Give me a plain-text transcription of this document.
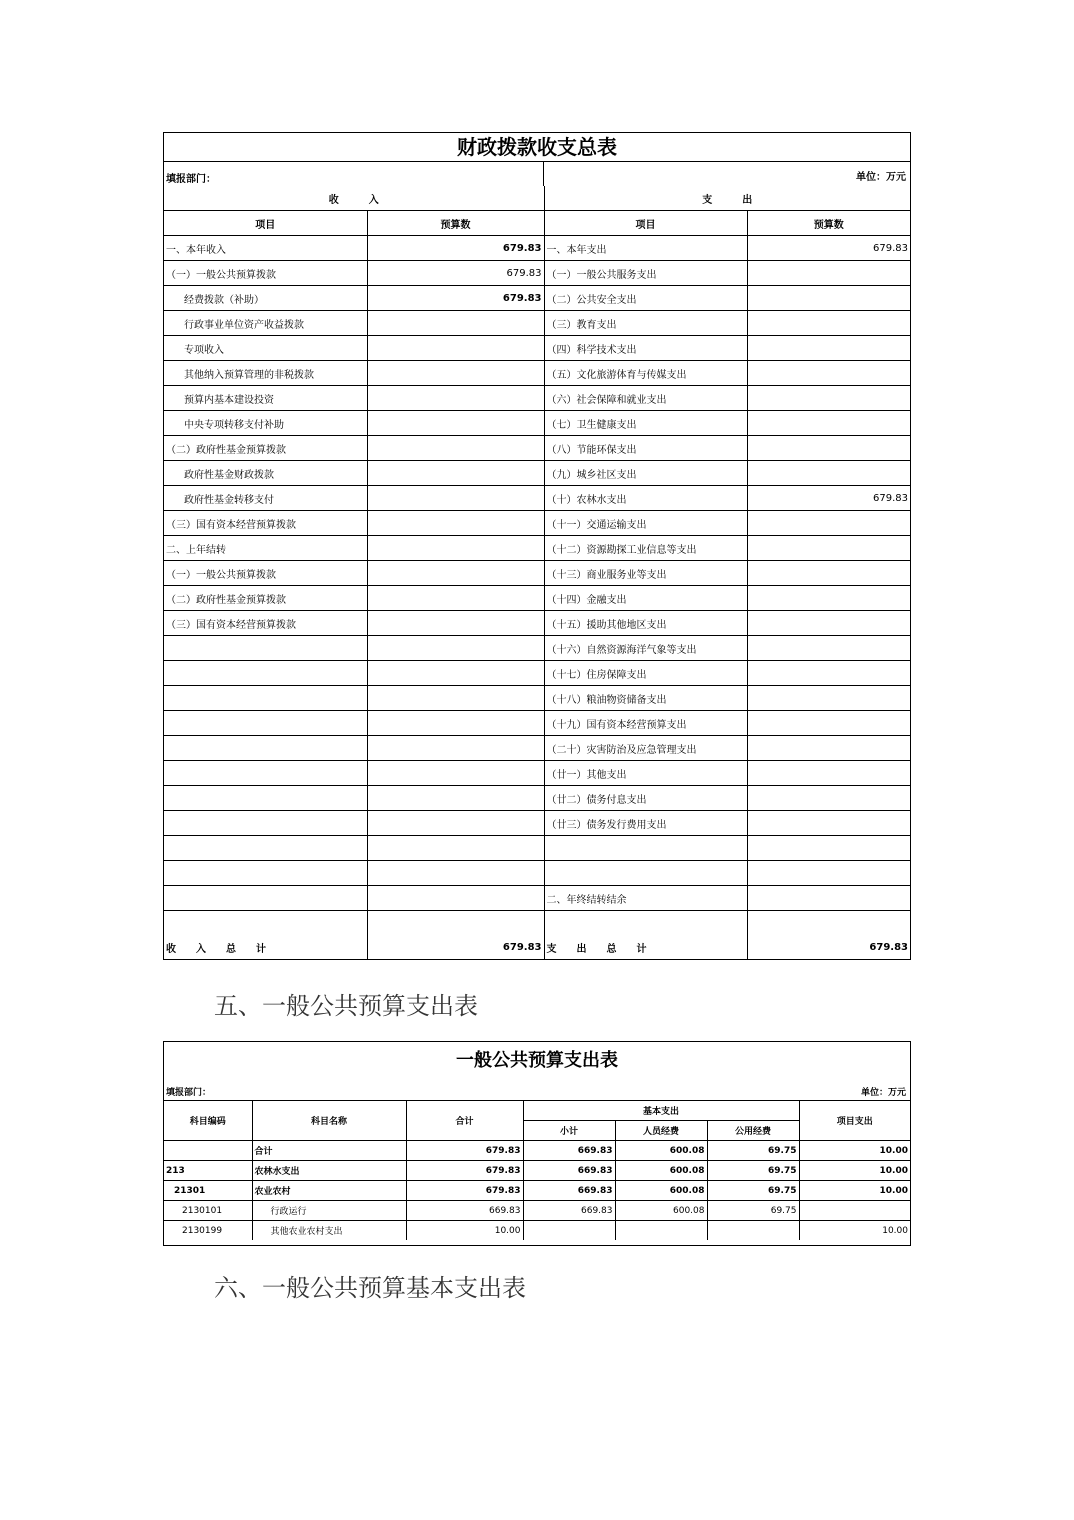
财政拨款收支总表
填报部门：	单位：万元
收　　　入		支　　　出	
项目	预算数	项目	预算数
一、本年收入	679.83	一、本年支出	679.83
（一）一般公共预算拨款	679.83	（一）一般公共服务支出	
经费拨款（补助）	679.83	（二）公共安全支出	
行政事业单位资产收益拨款		（三）教育支出	
专项收入		（四）科学技术支出	
其他纳入预算管理的非税拨款		（五）文化旅游体育与传媒支出	
预算内基本建设投资		（六）社会保障和就业支出	
中央专项转移支付补助		（七）卫生健康支出	
（二）政府性基金预算拨款		（八）节能环保支出	
政府性基金财政拨款		（九）城乡社区支出	
政府性基金转移支付		（十）农林水支出	679.83
（三）国有资本经营预算拨款		（十一）交通运输支出	
二、上年结转		（十二）资源勘探工业信息等支出	
（一）一般公共预算拨款		（十三）商业服务业等支出	
（二）政府性基金预算拨款		（十四）金融支出	
（三）国有资本经营预算拨款		（十五）援助其他地区支出	
		（十六）自然资源海洋气象等支出	
		（十七）住房保障支出	
		（十八）粮油物资储备支出	
		（十九）国有资本经营预算支出	
		（二十）灾害防治及应急管理支出	
		（廿一）其他支出	
		（廿二）债务付息支出	
		（廿三）债务发行费用支出	

		二、年终结转结余	

收　　入　　总　　计	679.83	支　　出　　总　　计	679.83
五、一般公共预算支出表
一般公共预算支出表
填报部门：	单位：万元
科目编码	科目名称	合计	基本支出			项目支出
			小计	人员经费	公用经费	
	合计	679.83	669.83	600.08	69.75	10.00
213	农林水支出	679.83	669.83	600.08	69.75	10.00
21301	农业农村	679.83	669.83	600.08	69.75	10.00
2130101	行政运行	669.83	669.83	600.08	69.75	
2130199	其他农业农村支出	10.00				10.00
六、一般公共预算基本支出表
